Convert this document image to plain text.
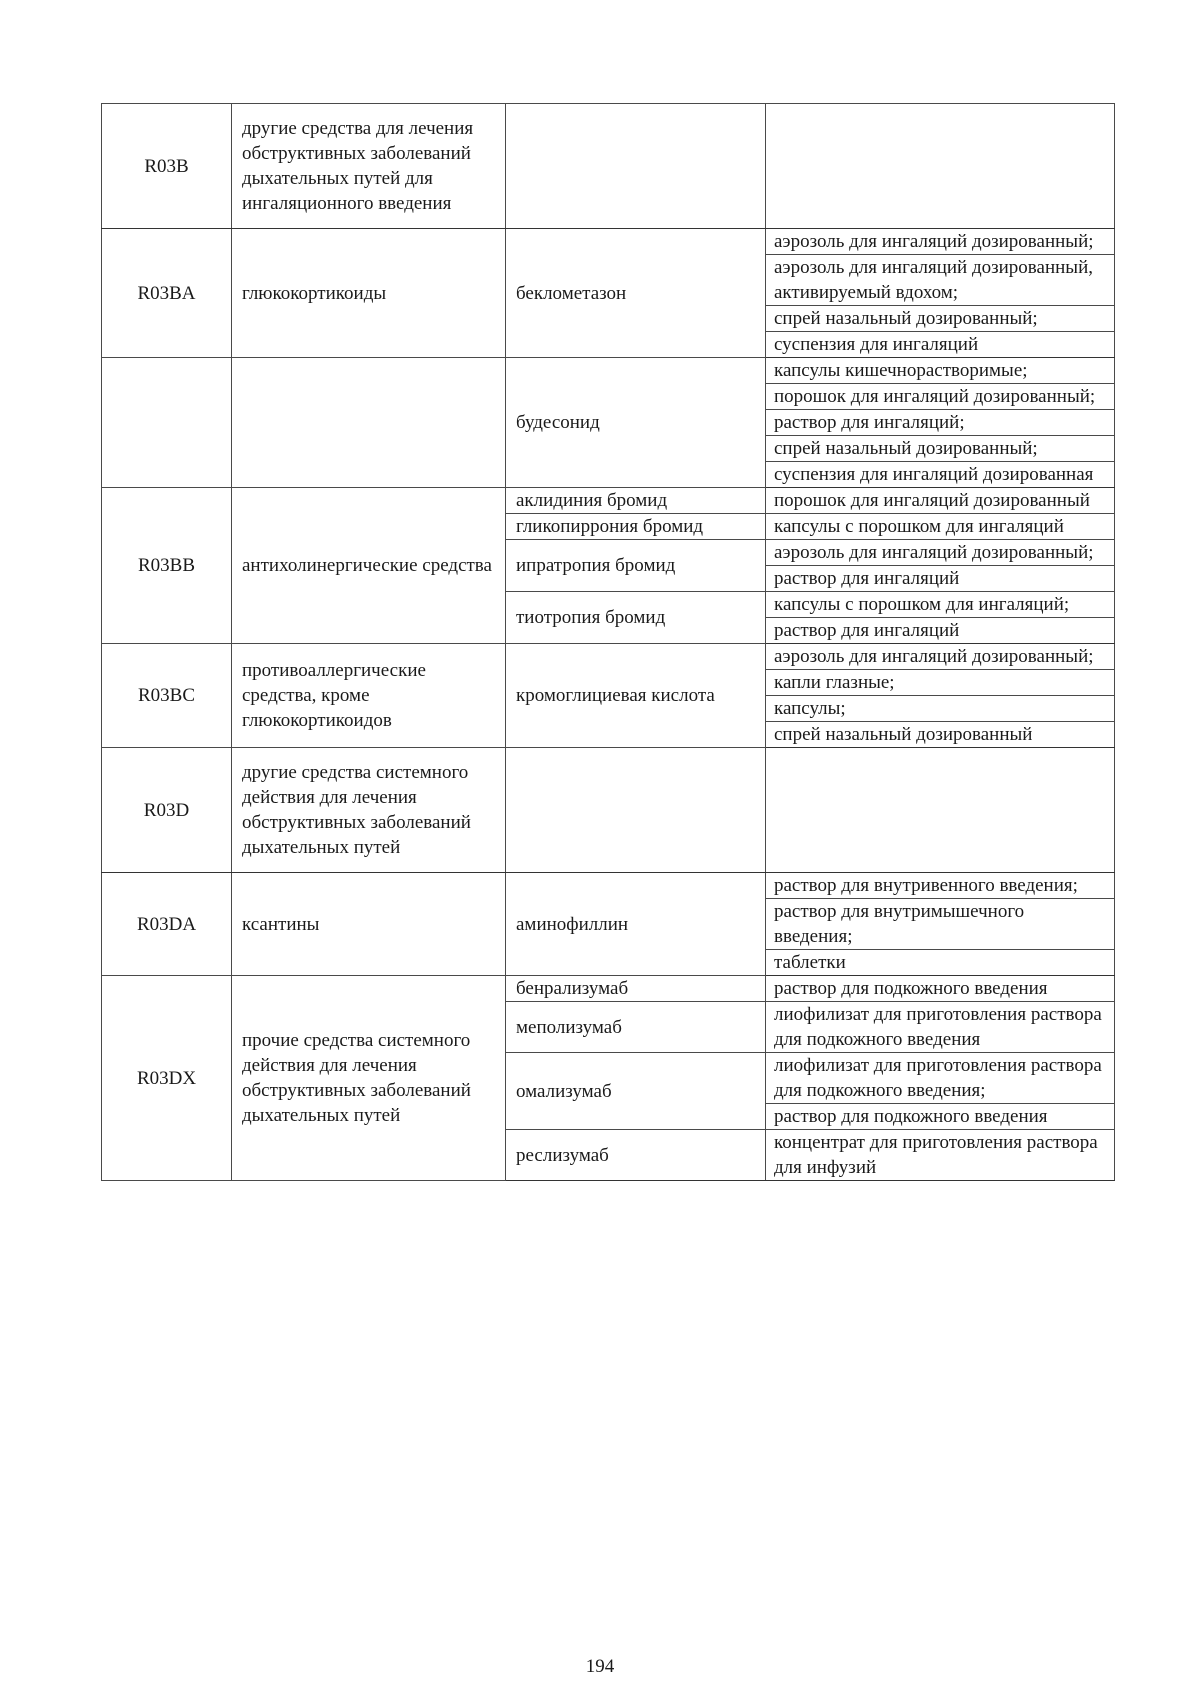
R03B	другие средства для лечения обструктивных заболеваний дыхательных путей для ингаляционного введения		
R03BA	глюкокортикоиды	беклометазон	аэрозоль для ингаляций дозированный;
			аэрозоль для ингаляций дозированный, активируемый вдохом;
			спрей назальный дозированный;
			суспензия для ингаляций
		будесонид	капсулы кишечнорастворимые;
			порошок для ингаляций дозированный;
			раствор для ингаляций;
			спрей назальный дозированный;
			суспензия для ингаляций дозированная
R03BB	антихолинергические средства	аклидиния бромид	порошок для ингаляций дозированный
		гликопиррония бромид	капсулы с порошком для ингаляций
		ипратропия бромид	аэрозоль для ингаляций дозированный;
			раствор для ингаляций
		тиотропия бромид	капсулы с порошком для ингаляций;
			раствор для ингаляций
R03BC	противоаллергические средства, кроме глюкокортикоидов	кромоглициевая кислота	аэрозоль для ингаляций дозированный;
			капли глазные;
			капсулы;
			спрей назальный дозированный
R03D	другие средства системного действия для лечения обструктивных заболеваний дыхательных путей		
R03DA	ксантины	аминофиллин	раствор для внутривенного введения;
			раствор для внутримышечного введения;
			таблетки
R03DX	прочие средства системного действия для лечения обструктивных заболеваний дыхательных путей	бенрализумаб	раствор для подкожного введения
		меполизумаб	лиофилизат для приготовления раствора для подкожного введения
		омализумаб	лиофилизат для приготовления раствора для подкожного введения;
			раствор для подкожного введения
		реслизумаб	концентрат для приготовления раствора для инфузий
194
